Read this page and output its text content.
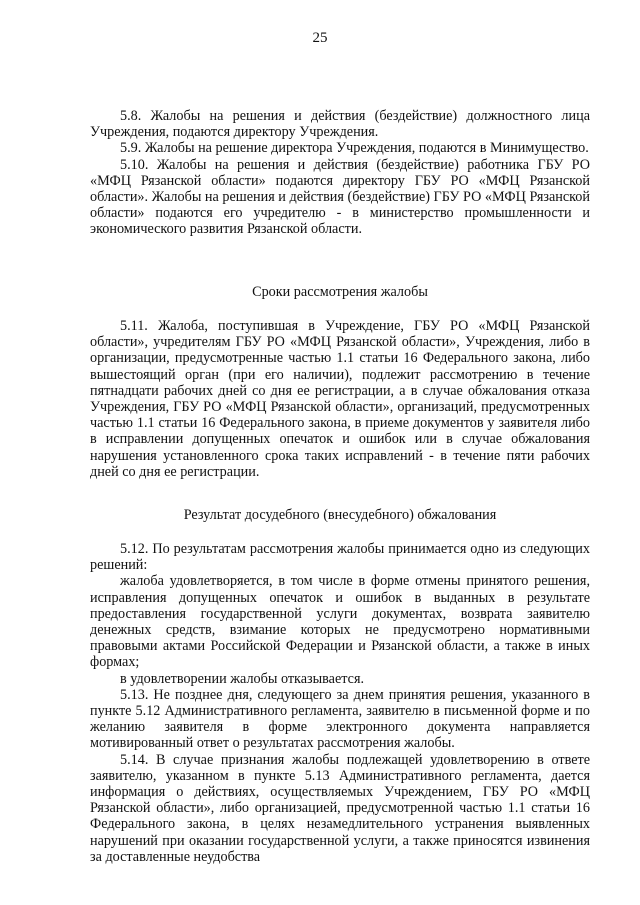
25

5.8. Жалобы на решения и действия (бездействие) должностного лица Учреждения, подаются директору Учреждения.

5.9. Жалобы на решение директора Учреждения, подаются в Минимущество.

5.10. Жалобы на решения и действия (бездействие) работника ГБУ РО «МФЦ Рязанской области» подаются директору ГБУ РО «МФЦ Рязанской области». Жалобы на решения и действия (бездействие) ГБУ РО «МФЦ Рязанской области» подаются его учредителю - в министерство промышленности и экономического развития Рязанской области.

Сроки рассмотрения жалобы

5.11. Жалоба, поступившая в Учреждение, ГБУ РО «МФЦ Рязанской области», учредителям ГБУ РО «МФЦ Рязанской области», Учреждения, либо в организации, предусмотренные частью 1.1 статьи 16 Федерального закона, либо вышестоящий орган (при его наличии), подлежит рассмотрению в течение пятнадцати рабочих дней со дня ее регистрации, а в случае обжалования отказа Учреждения, ГБУ РО «МФЦ Рязанской области», организаций, предусмотренных частью 1.1 статьи 16 Федерального закона, в приеме документов у заявителя либо в исправлении допущенных опечаток и ошибок или в случае обжалования нарушения установленного срока таких исправлений - в течение пяти рабочих дней со дня ее регистрации.

Результат досудебного (внесудебного) обжалования

5.12. По результатам рассмотрения жалобы принимается одно из следующих решений:

жалоба удовлетворяется, в том числе в форме отмены принятого решения, исправления допущенных опечаток и ошибок в выданных в результате предоставления государственной услуги документах, возврата заявителю денежных средств, взимание которых не предусмотрено нормативными правовыми актами Российской Федерации и Рязанской области, а также в иных формах;

в удовлетворении жалобы отказывается.

5.13. Не позднее дня, следующего за днем принятия решения, указанного в пункте 5.12 Административного регламента, заявителю в письменной форме и по желанию заявителя в форме электронного документа направляется мотивированный ответ о результатах рассмотрения жалобы.

5.14. В случае признания жалобы подлежащей удовлетворению в ответе заявителю, указанном в пункте 5.13 Административного регламента, дается информация о действиях, осуществляемых Учреждением, ГБУ РО «МФЦ Рязанской области», либо организацией, предусмотренной частью 1.1 статьи 16 Федерального закона, в целях незамедлительного устранения выявленных нарушений при оказании государственной услуги, а также приносятся извинения за доставленные неудобства
